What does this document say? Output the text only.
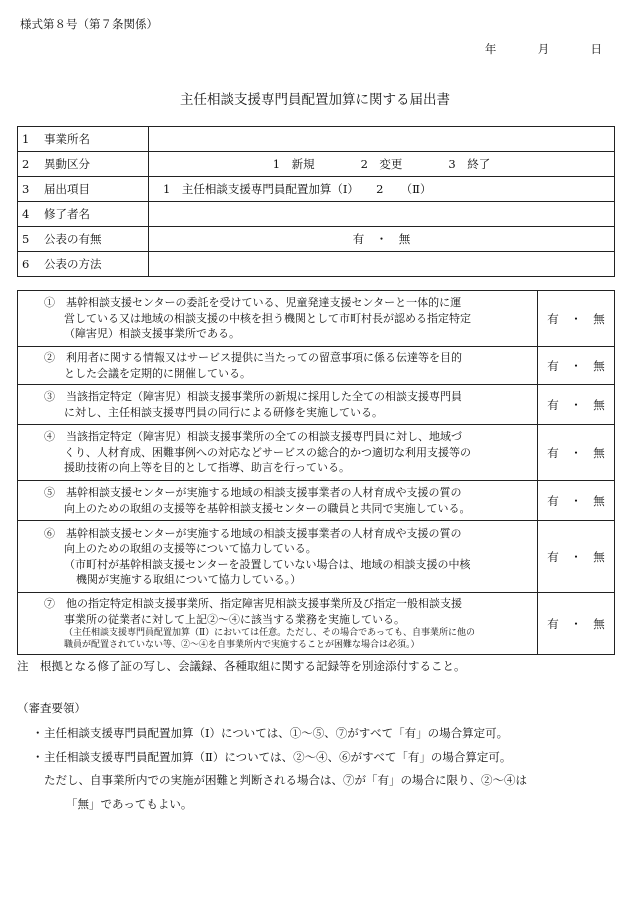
様式第８号（第７条関係）
年	月	日
主任相談支援専門員配置加算に関する届出書
1 事業所名	
2 異動区分	1　新規　　　　2　変更　　　　3　終了
3 届出項目	1　主任相談支援専門員配置加算（Ⅰ）　　2　　（Ⅱ）
4 修了者名	
5 公表の有無	有　・　無
6 公表の方法	
①　基幹相談支援センターの委託を受けている、児童発達支援センターと一体的に運
営している又は地域の相談支援の中核を担う機関として市町村長が認める指定特定
（障害児）相談支援事業所である。	有　・　無

②　利用者に関する情報又はサービス提供に当たっての留意事項に係る伝達等を目的
とした会議を定期的に開催している。	有　・　無

③　当該指定特定（障害児）相談支援事業所の新規に採用した全ての相談支援専門員
に対し、主任相談支援専門員の同行による研修を実施している。	有　・　無

④　当該指定特定（障害児）相談支援事業所の全ての相談支援専門員に対し、地域づ
くり、人材育成、困難事例への対応などサービスの総合的かつ適切な利用支援等の
援助技術の向上等を目的として指導、助言を行っている。	有　・　無

⑤　基幹相談支援センターが実施する地域の相談支援事業者の人材育成や支援の質の
向上のための取組の支援等を基幹相談支援センターの職員と共同で実施している。	有　・　無

⑥　基幹相談支援センターが実施する地域の相談支援事業者の人材育成や支援の質の
向上のための取組の支援等について協力している。
（市町村が基幹相談支援センターを設置していない場合は、地域の相談支援の中核
機関が実施する取組について協力している。）	有　・　無

⑦　他の指定特定相談支援事業所、指定障害児相談支援事業所及び指定一般相談支援
事業所の従業者に対して上記②～④に該当する業務を実施している。
（主任相談支援専門員配置加算（Ⅱ）においては任意。ただし、その場合であっても、自事業所に他の
職員が配置されていない等、②～④を自事業所内で実施することが困難な場合は必須。）	有　・　無
注　根拠となる修了証の写し、会議録、各種取組に関する記録等を別途添付すること。
（審査要領）
・主任相談支援専門員配置加算（Ⅰ）については、①～⑤、⑦がすべて「有」の場合算定可。
・主任相談支援専門員配置加算（Ⅱ）については、②～④、⑥がすべて「有」の場合算定可。
ただし、自事業所内での実施が困難と判断される場合は、⑦が「有」の場合に限り、②～④は
「無」であってもよい。
